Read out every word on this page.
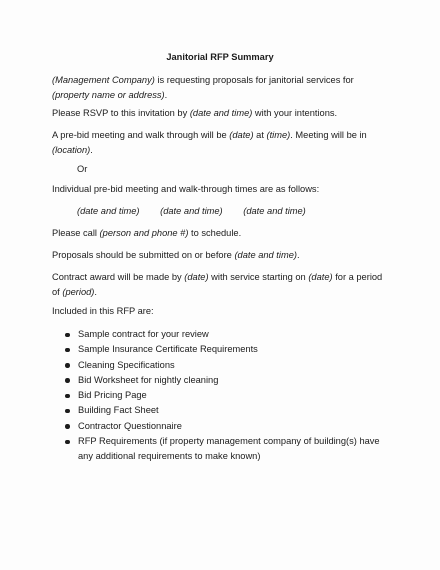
Janitorial RFP Summary

(Management Company) is requesting proposals for janitorial services for
(property name or address).

Please RSVP to this invitation by (date and time) with your intentions.

A pre-bid meeting and walk through will be (date) at (time). Meeting will be in
(location).

Or

Individual pre-bid meeting and walk-through times are as follows:

(date and time) (date and time) (date and time)

Please call (person and phone #) to schedule.

Proposals should be submitted on or before (date and time).

Contract award will be made by (date) with service starting on (date) for a period
of (period).

Included in this RFP are:

Sample contract for your review
Sample Insurance Certificate Requirements
Cleaning Specifications
Bid Worksheet for nightly cleaning
Bid Pricing Page
Building Fact Sheet
Contractor Questionnaire
RFP Requirements (if property management company of building(s) have
any additional requirements to make known)
